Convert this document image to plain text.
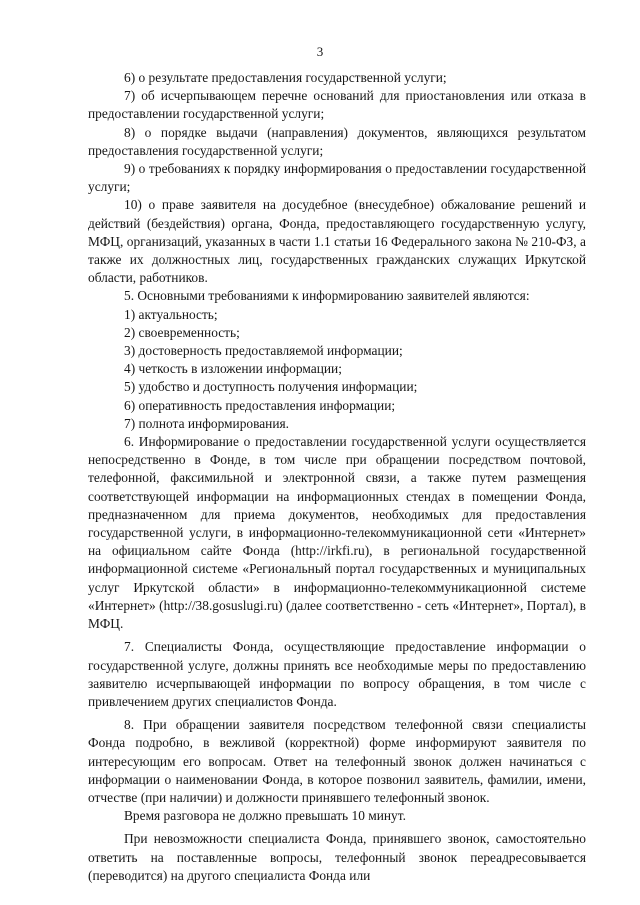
3

6) о результате предоставления государственной услуги;

7) об исчерпывающем перечне оснований для приостановления или отказа в предоставлении государственной услуги;

8) о порядке выдачи (направления) документов, являющихся результатом предоставления государственной услуги;

9) о требованиях к порядку информирования о предоставлении государственной услуги;

10) о праве заявителя на досудебное (внесудебное) обжалование решений и действий (бездействия) органа, Фонда, предоставляющего государственную услугу, МФЦ, организаций, указанных в части 1.1 статьи 16 Федерального закона № 210-ФЗ, а также их должностных лиц, государственных гражданских служащих Иркутской области, работников.

5. Основными требованиями к информированию заявителей являются:

1) актуальность;

2) своевременность;

3) достоверность предоставляемой информации;

4) четкость в изложении информации;

5) удобство и доступность получения информации;

6) оперативность предоставления информации;

7) полнота информирования.

6. Информирование о предоставлении государственной услуги осуществляется непосредственно в Фонде, в том числе при обращении посредством почтовой, телефонной, факсимильной и электронной связи, а также путем размещения соответствующей информации на информационных стендах в помещении Фонда, предназначенном для приема документов, необходимых для предоставления государственной услуги, в информационно-телекоммуникационной сети «Интернет» на официальном сайте Фонда (http://irkfi.ru), в региональной государственной информационной системе «Региональный портал государственных и муниципальных услуг Иркутской области» в информационно-телекоммуникационной системе «Интернет» (http://38.gosuslugi.ru) (далее соответственно - сеть «Интернет», Портал), в МФЦ.

7. Специалисты Фонда, осуществляющие предоставление информации о государственной услуге, должны принять все необходимые меры по предоставлению заявителю исчерпывающей информации по вопросу обращения, в том числе с привлечением других специалистов Фонда.

8. При обращении заявителя посредством телефонной связи специалисты Фонда подробно, в вежливой (корректной) форме информируют заявителя по интересующим его вопросам. Ответ на телефонный звонок должен начинаться с информации о наименовании Фонда, в которое позвонил заявитель, фамилии, имени, отчестве (при наличии) и должности принявшего телефонный звонок.

Время разговора не должно превышать 10 минут.

При невозможности специалиста Фонда, принявшего звонок, самостоятельно ответить на поставленные вопросы, телефонный звонок переадресовывается (переводится) на другого специалиста Фонда или
